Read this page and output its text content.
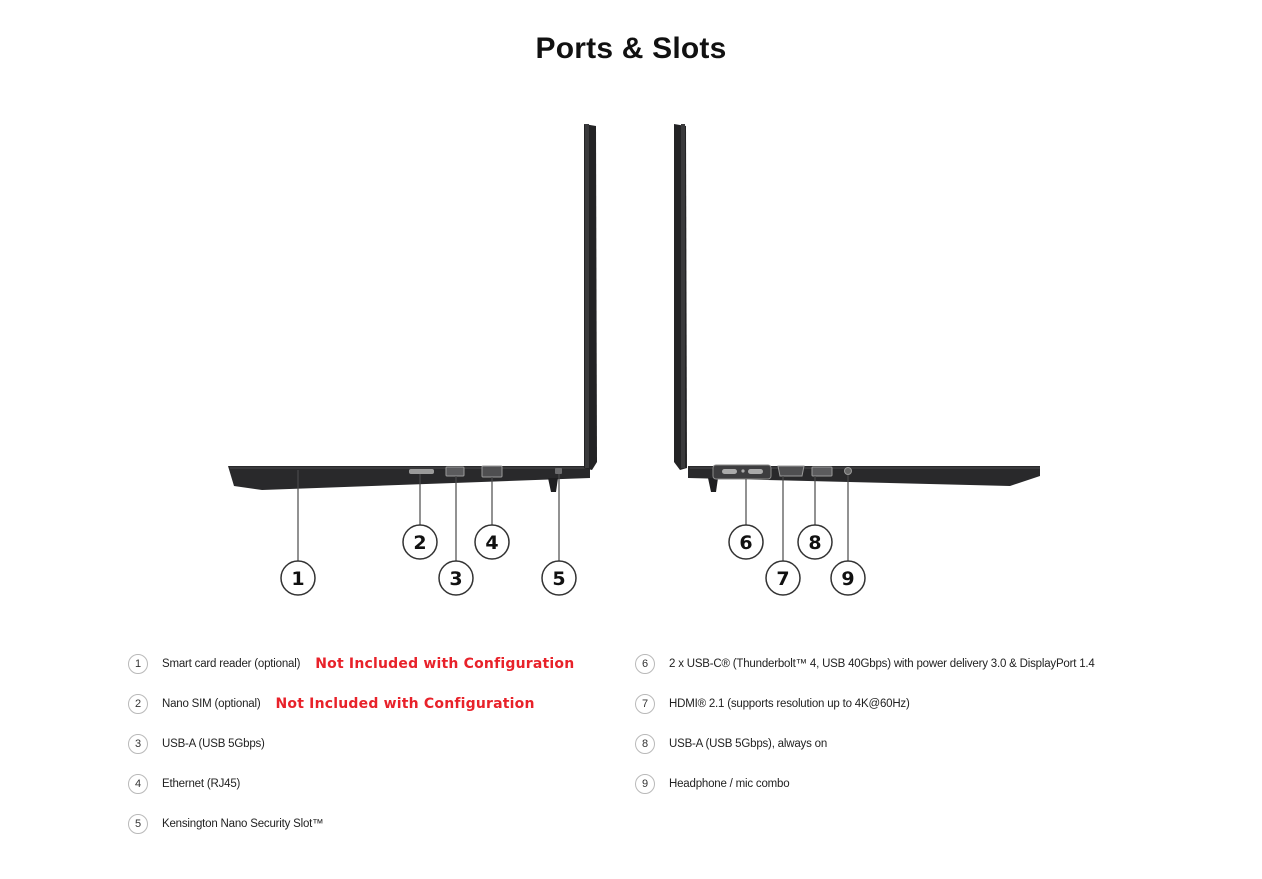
Ports & Slots
1
2
3
4
5
6
7
8
9
1	Smart card reader (optional) Not Included with Configuration
2	Nano SIM (optional) Not Included with Configuration
3	USB-A (USB 5Gbps)
4	Ethernet (RJ45)
5	Kensington Nano Security Slot™
6	2 x USB-C® (Thunderbolt™ 4, USB 40Gbps) with power delivery 3.0 & DisplayPort 1.4
7	HDMI® 2.1 (supports resolution up to 4K@60Hz)
8	USB-A (USB 5Gbps), always on
9	Headphone / mic combo
